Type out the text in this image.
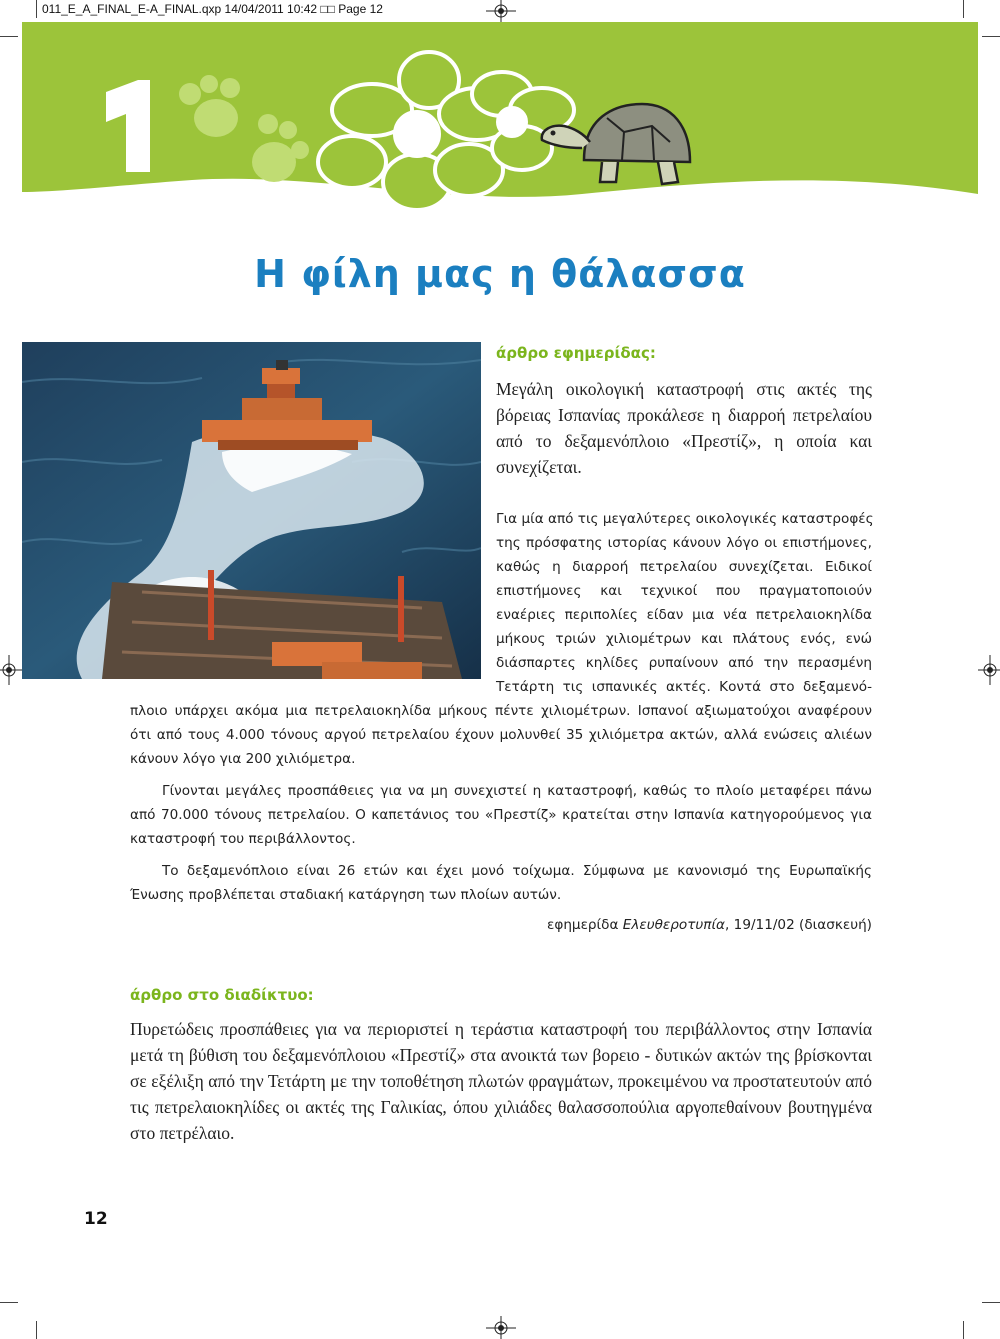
011_E_A_FINAL_E-A_FINAL.qxp 14/04/2011 10:42 □□ Page 12
Η φίλη μας η θάλασσα
άρθρο εφημερίδας:
Μεγάλη οικολογική καταστροφή στις ακτές της βόρειας Ισπανίας προκάλεσε η διαρροή πετρελαίου από το δεξαμενόπλοιο «Πρεστίζ», η οποία και συνεχίζεται.
Για μία από τις μεγαλύτερες οικολογικές καταστροφές
της πρόσφατης ιστορίας κάνουν λόγο οι επιστήμονες,
καθώς η διαρροή πετρελαίου συνεχίζεται. Ειδικοί
επιστήμονες και τεχνικοί που πραγματοποιούν
εναέριες περιπολίες είδαν μια νέα πετρελαιοκηλίδα
μήκους τριών χιλιομέτρων και πλάτους ενός, ενώ
διάσπαρτες κηλίδες ρυπαίνουν από την περασμένη
Τετάρτη τις ισπανικές ακτές. Κοντά στο δεξαμενό-
πλοιο υπάρχει ακόμα μια πετρελαιοκηλίδα μήκους πέντε χιλιομέτρων. Ισπανοί αξιωματούχοι αναφέρουν
ότι από τους 4.000 τόνους αργού πετρελαίου έχουν μολυνθεί 35 χιλιόμετρα ακτών, αλλά ενώσεις αλιέων
κάνουν λόγο για 200 χιλιόμετρα.

Γίνονται μεγάλες προσπάθειες για να μη συνεχιστεί η καταστροφή, καθώς το πλοίο μεταφέρει πάνω από 70.000 τόνους πετρελαίου. Ο καπετάνιος του «Πρεστίζ» κρατείται στην Ισπανία κατηγορούμενος για καταστροφή του περιβάλλοντος.

Το δεξαμενόπλοιο είναι 26 ετών και έχει μονό τοίχωμα. Σύμφωνα με κανονισμό της Ευρωπαϊκής Ένωσης προβλέπεται σταδιακή κατάργηση των πλοίων αυτών.

εφημερίδα Ελευθεροτυπία, 19/11/02 (διασκευή)
άρθρο στο διαδίκτυο:
Πυρετώδεις προσπάθειες για να περιοριστεί η τεράστια καταστροφή του περιβάλλοντος στην Ισπανία μετά τη βύθιση του δεξαμενόπλοιου «Πρεστίζ» στα ανοικτά των βορειο - δυτικών ακτών της βρίσκονται σε εξέλιξη από την Τετάρτη με την τοποθέτηση πλωτών φραγμάτων, προκειμένου να προστατευτούν από τις πετρελαιοκηλίδες οι ακτές της Γαλικίας, όπου χιλιάδες θαλασσοπούλια αργοπεθαίνουν βουτηγμένα στο πετρέλαιο.
12
